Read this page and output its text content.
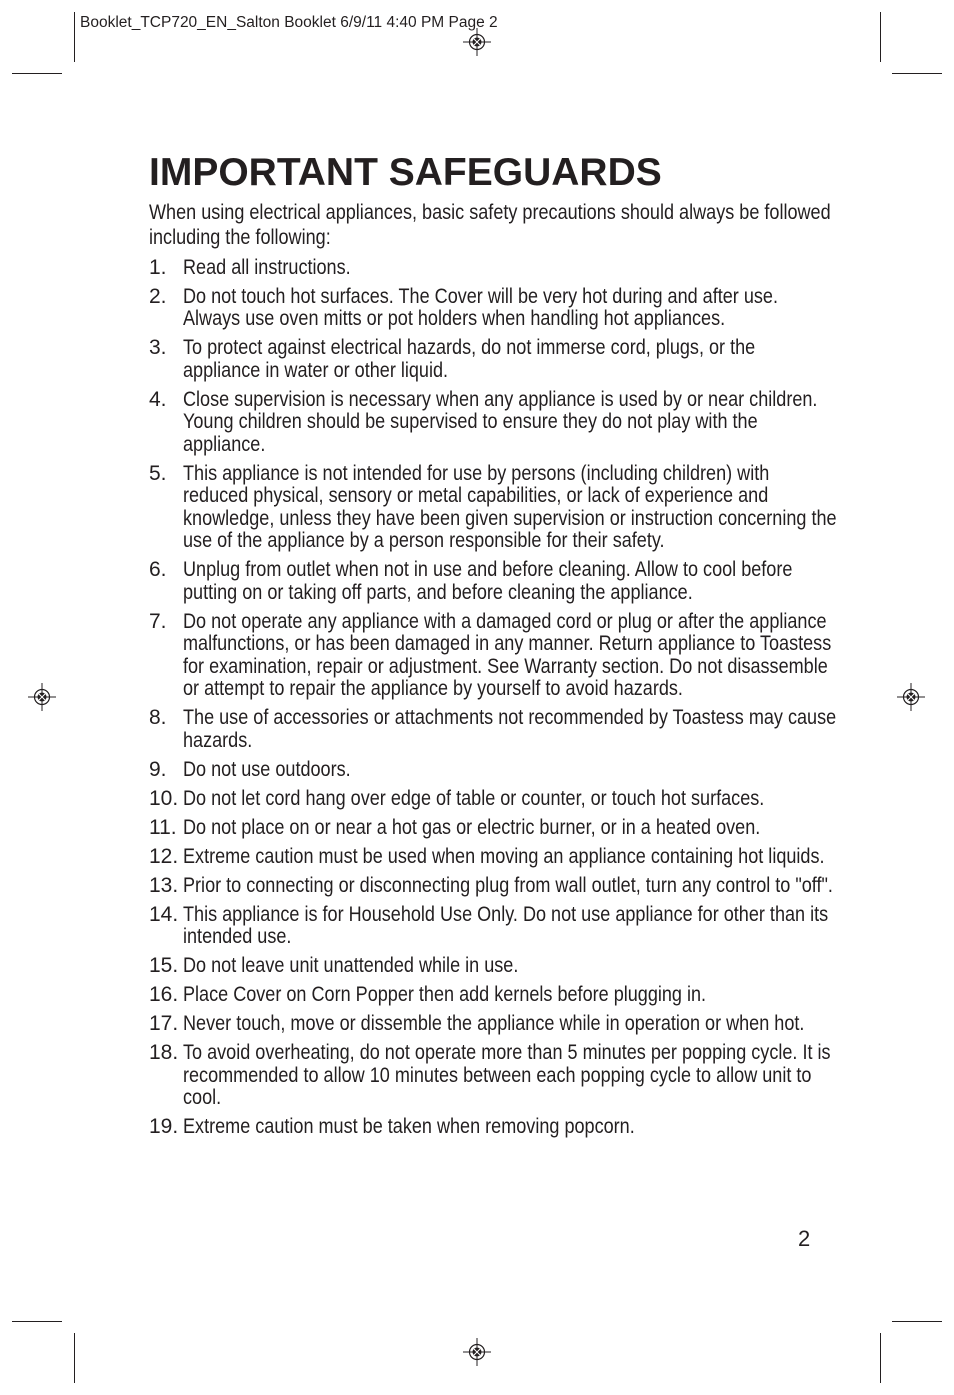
Booklet_TCP720_EN_Salton Booklet 6/9/11 4:40 PM Page 2
IMPORTANT SAFEGUARDS

When using electrical appliances, basic safety precautions should always be followed including the following:

1. Read all instructions.
2. Do not touch hot surfaces. The Cover will be very hot during and after use. Always use oven mitts or pot holders when handling hot appliances.
3. To protect against electrical hazards, do not immerse cord, plugs, or the appliance in water or other liquid.
4. Close supervision is necessary when any appliance is used by or near children. Young children should be supervised to ensure they do not play with the appliance.
5. This appliance is not intended for use by persons (including children) with reduced physical, sensory or metal capabilities, or lack of experience and knowledge, unless they have been given supervision or instruction concerning the use of the appliance by a person responsible for their safety.
6. Unplug from outlet when not in use and before cleaning. Allow to cool before putting on or taking off parts, and before cleaning the appliance.
7. Do not operate any appliance with a damaged cord or plug or after the appliance malfunctions, or has been damaged in any manner. Return appliance to Toastess for examination, repair or adjustment. See Warranty section. Do not disassemble or attempt to repair the appliance by yourself to avoid hazards.
8. The use of accessories or attachments not recommended by Toastess may cause hazards.
9. Do not use outdoors.
10. Do not let cord hang over edge of table or counter, or touch hot surfaces.
11. Do not place on or near a hot gas or electric burner, or in a heated oven.
12. Extreme caution must be used when moving an appliance containing hot liquids.
13. Prior to connecting or disconnecting plug from wall outlet, turn any control to "off".
14. This appliance is for Household Use Only. Do not use appliance for other than its intended use.
15. Do not leave unit unattended while in use.
16. Place Cover on Corn Popper then add kernels before plugging in.
17. Never touch, move or dissemble the appliance while in operation or when hot.
18. To avoid overheating, do not operate more than 5 minutes per popping cycle. It is recommended to allow 10 minutes between each popping cycle to allow unit to cool.
19. Extreme caution must be taken when removing popcorn.
2
